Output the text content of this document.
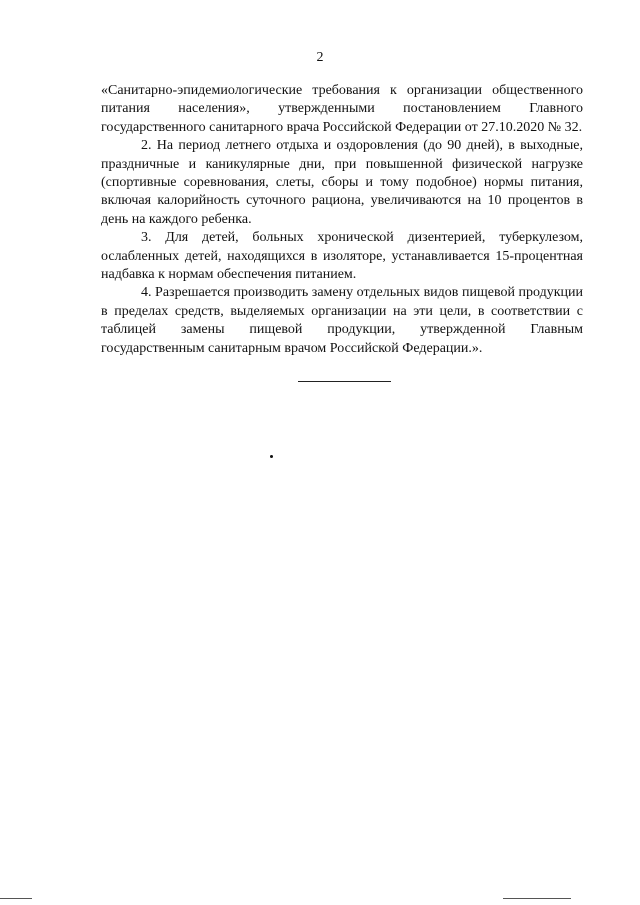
2

«Санитарно-эпидемиологические требования к организации общественного питания населения», утвержденными постановлением Главного государственного санитарного врача Российской Федерации от 27.10.2020 № 32.

2. На период летнего отдыха и оздоровления (до 90 дней), в выходные, праздничные и каникулярные дни, при повышенной физической нагрузке (спортивные соревнования, слеты, сборы и тому подобное) нормы питания, включая калорийность суточного рациона, увеличиваются на 10 процентов в день на каждого ребенка.

3. Для детей, больных хронической дизентерией, туберкулезом, ослабленных детей, находящихся в изоляторе, устанавливается 15-процентная надбавка к нормам обеспечения питанием.

4. Разрешается производить замену отдельных видов пищевой продукции в пределах средств, выделяемых организации на эти цели, в соответствии с таблицей замены пищевой продукции, утвержденной Главным государственным санитарным врачом Российской Федерации.».
